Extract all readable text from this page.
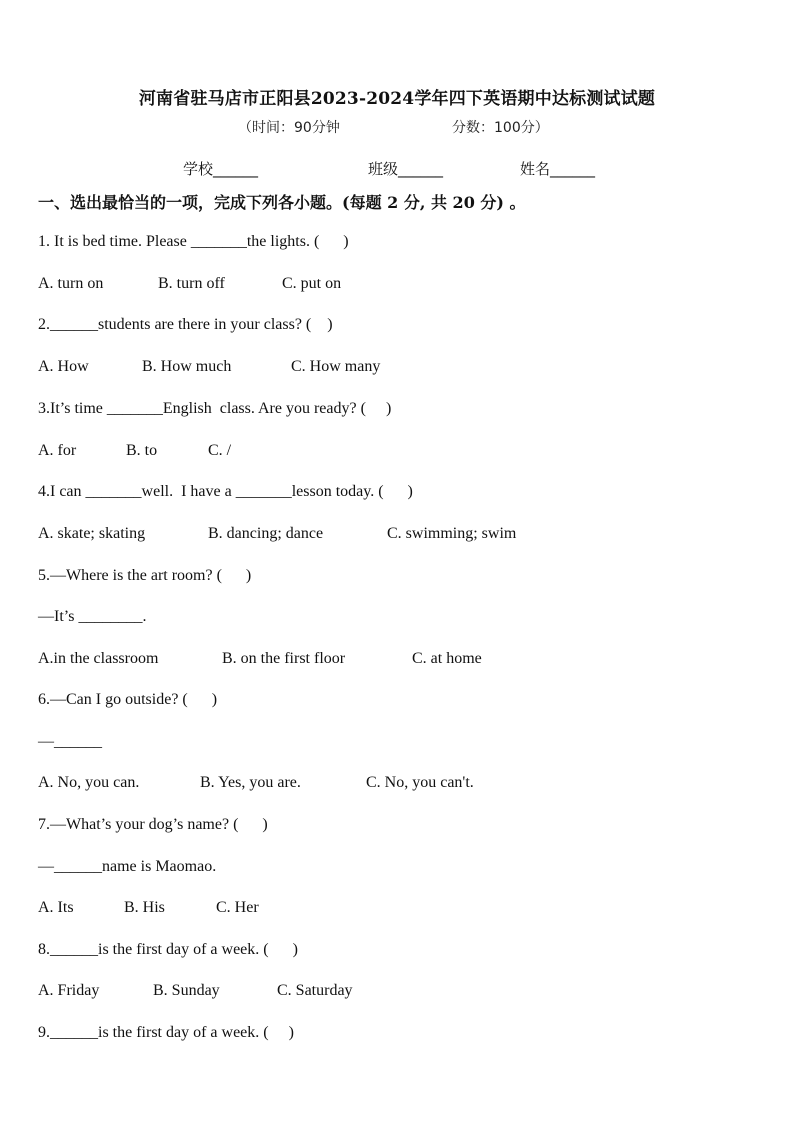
河南省驻马店市正阳县2023-2024学年四下英语期中达标测试试题
（时间：90分钟	分数：100分）
学校______	班级______	姓名______
一、选出最恰当的一项，完成下列各小题。(每题 2 分, 共 20 分) 。
1. It is bed time. Please _______the lights. (      )
A. turn on	B. turn off	C. put on
2.______students are there in your class? (    )
A. How	B. How much	C. How many
3.It’s time _______English  class. Are you ready? (     )
A. for	B. to	C. /
4.I can _______well.  I have a _______lesson today. (      )
A. skate; skating	B. dancing; dance	C. swimming; swim
5.—Where is the art room? (      )
—It’s ________.
A.in the classroom	B. on the first floor	C. at home
6.—Can I go outside? (      )
—______
A. No, you can.	B. Yes, you are.	C. No, you can't.
7.—What’s your dog’s name? (      )
—______name is Maomao.
A. Its	B. His	C. Her
8.______is the first day of a week. (      )
A. Friday	B. Sunday	C. Saturday
9.______is the first day of a week. (     )
